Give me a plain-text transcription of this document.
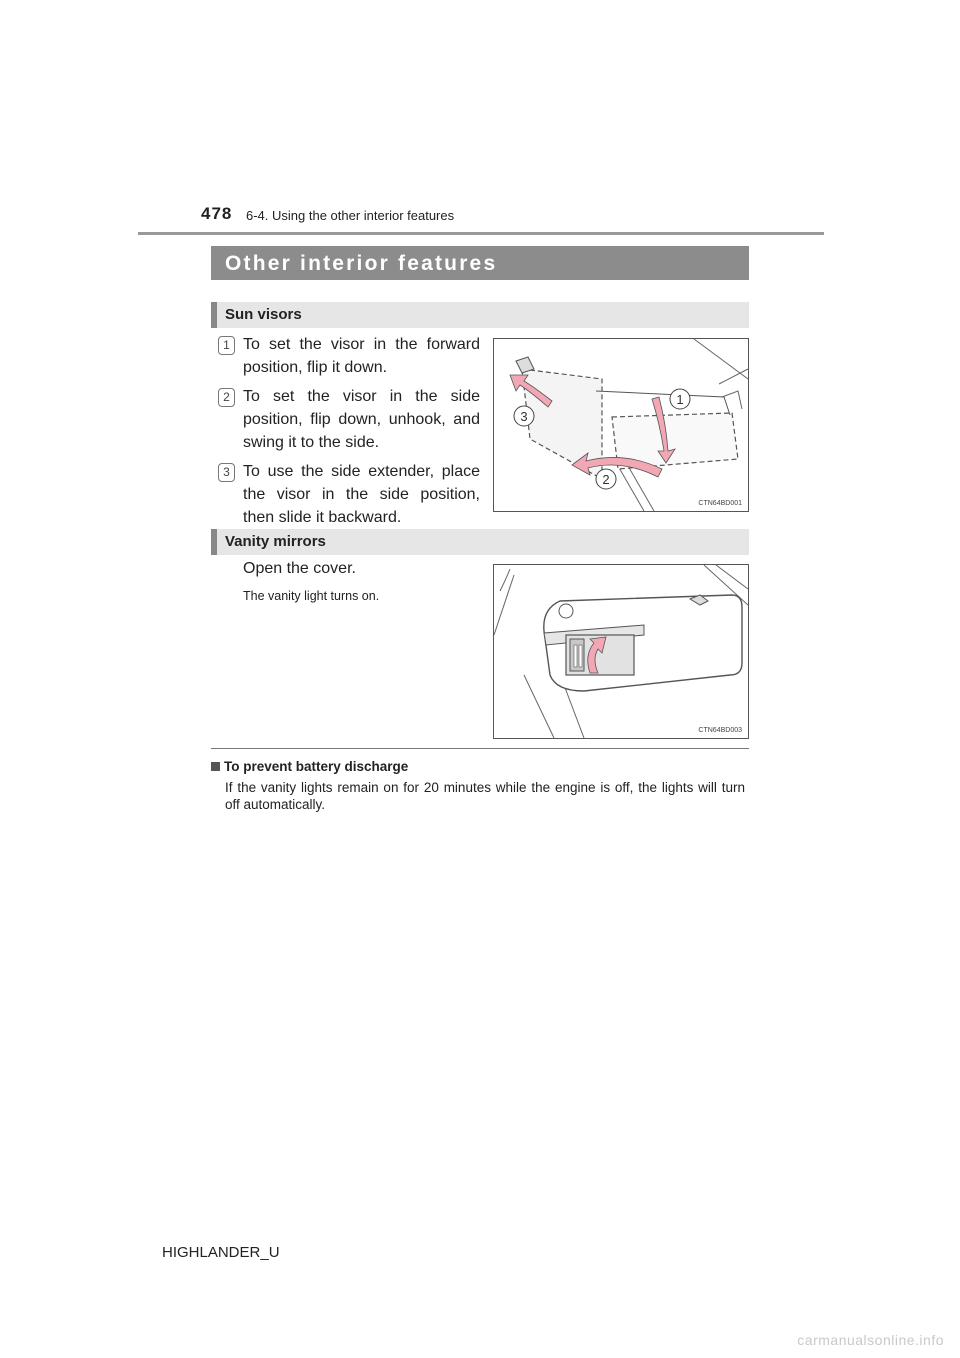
478 6-4. Using the other interior features
Other interior features
Sun visors
1 To set the visor in the forward position, flip it down.
2 To set the visor in the side position, flip down, unhook, and swing it to the side.
3 To use the side extender, place the visor in the side position, then slide it backward.
1
2
3
CTN64BD001
Vanity mirrors
Open the cover.
The vanity light turns on.
CTN64BD003
To prevent battery discharge
If the vanity lights remain on for 20 minutes while the engine is off, the lights will turn off automatically.
HIGHLANDER_U
carmanualsonline.info
